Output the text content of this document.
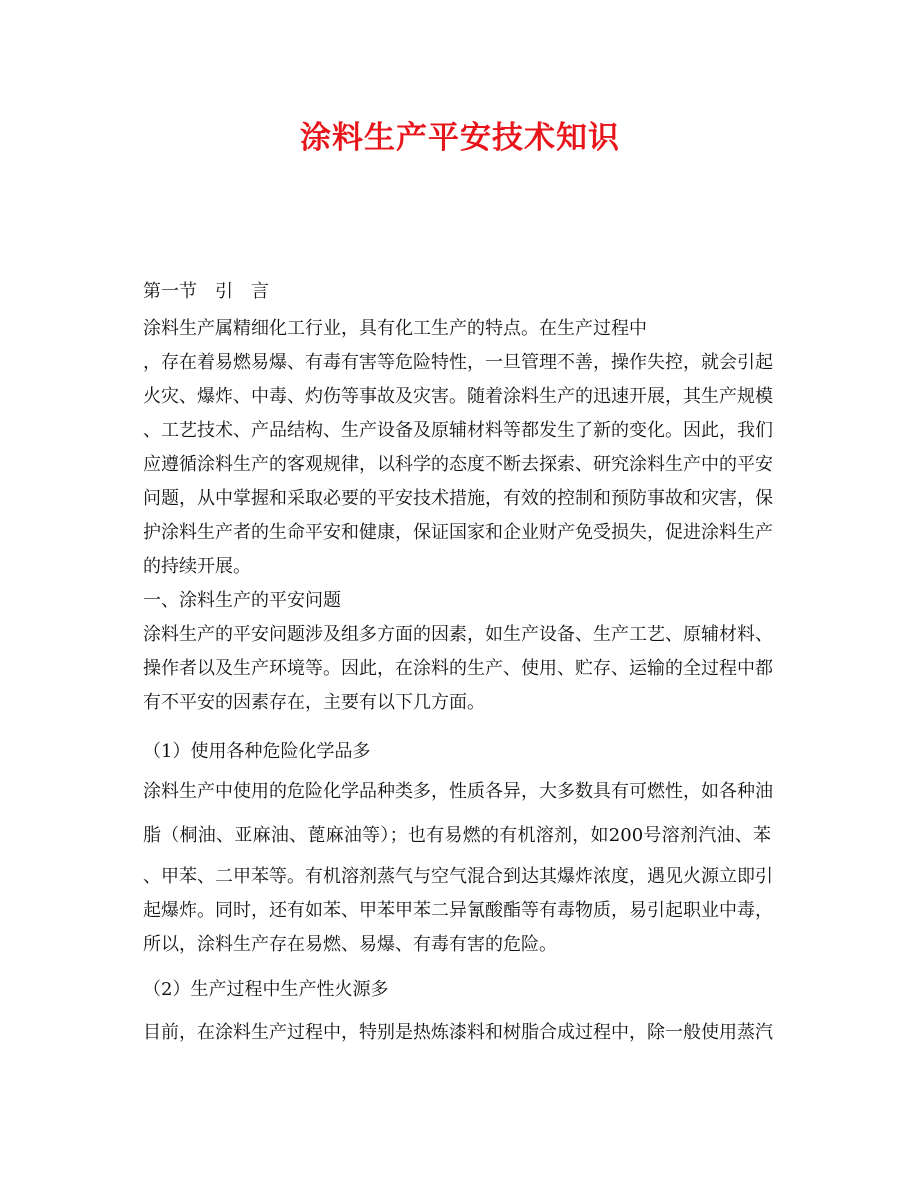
涂料生产平安技术知识
第一节　引　言
涂料生产属精细化工行业，具有化工生产的特点。在生产过程中
，存在着易燃易爆、有毒有害等危险特性，一旦管理不善，操作失控，就会引起
火灾、爆炸、中毒、灼伤等事故及灾害。随着涂料生产的迅速开展，其生产规模
、工艺技术、产品结构、生产设备及原辅材料等都发生了新的变化。因此，我们
应遵循涂料生产的客观规律，以科学的态度不断去探索、研究涂料生产中的平安
问题，从中掌握和采取必要的平安技术措施，有效的控制和预防事故和灾害，保
护涂料生产者的生命平安和健康，保证国家和企业财产免受损失，促进涂料生产
的持续开展。
一、涂料生产的平安问题
涂料生产的平安问题涉及组多方面的因素，如生产设备、生产工艺、原辅材料、
操作者以及生产环境等。因此，在涂料的生产、使用、贮存、运输的全过程中都
有不平安的因素存在，主要有以下几方面。
（1）使用各种危险化学品多
涂料生产中使用的危险化学品种类多，性质各异，大多数具有可燃性，如各种油
脂（桐油、亚麻油、蓖麻油等）；也有易燃的有机溶剂，如200号溶剂汽油、苯
、甲苯、二甲苯等。有机溶剂蒸气与空气混合到达其爆炸浓度，遇见火源立即引
起爆炸。同时，还有如苯、甲苯甲苯二异氰酸酯等有毒物质，易引起职业中毒，
所以，涂料生产存在易燃、易爆、有毒有害的危险。
（2）生产过程中生产性火源多
目前，在涂料生产过程中，特别是热炼漆料和树脂合成过程中，除一般使用蒸汽
